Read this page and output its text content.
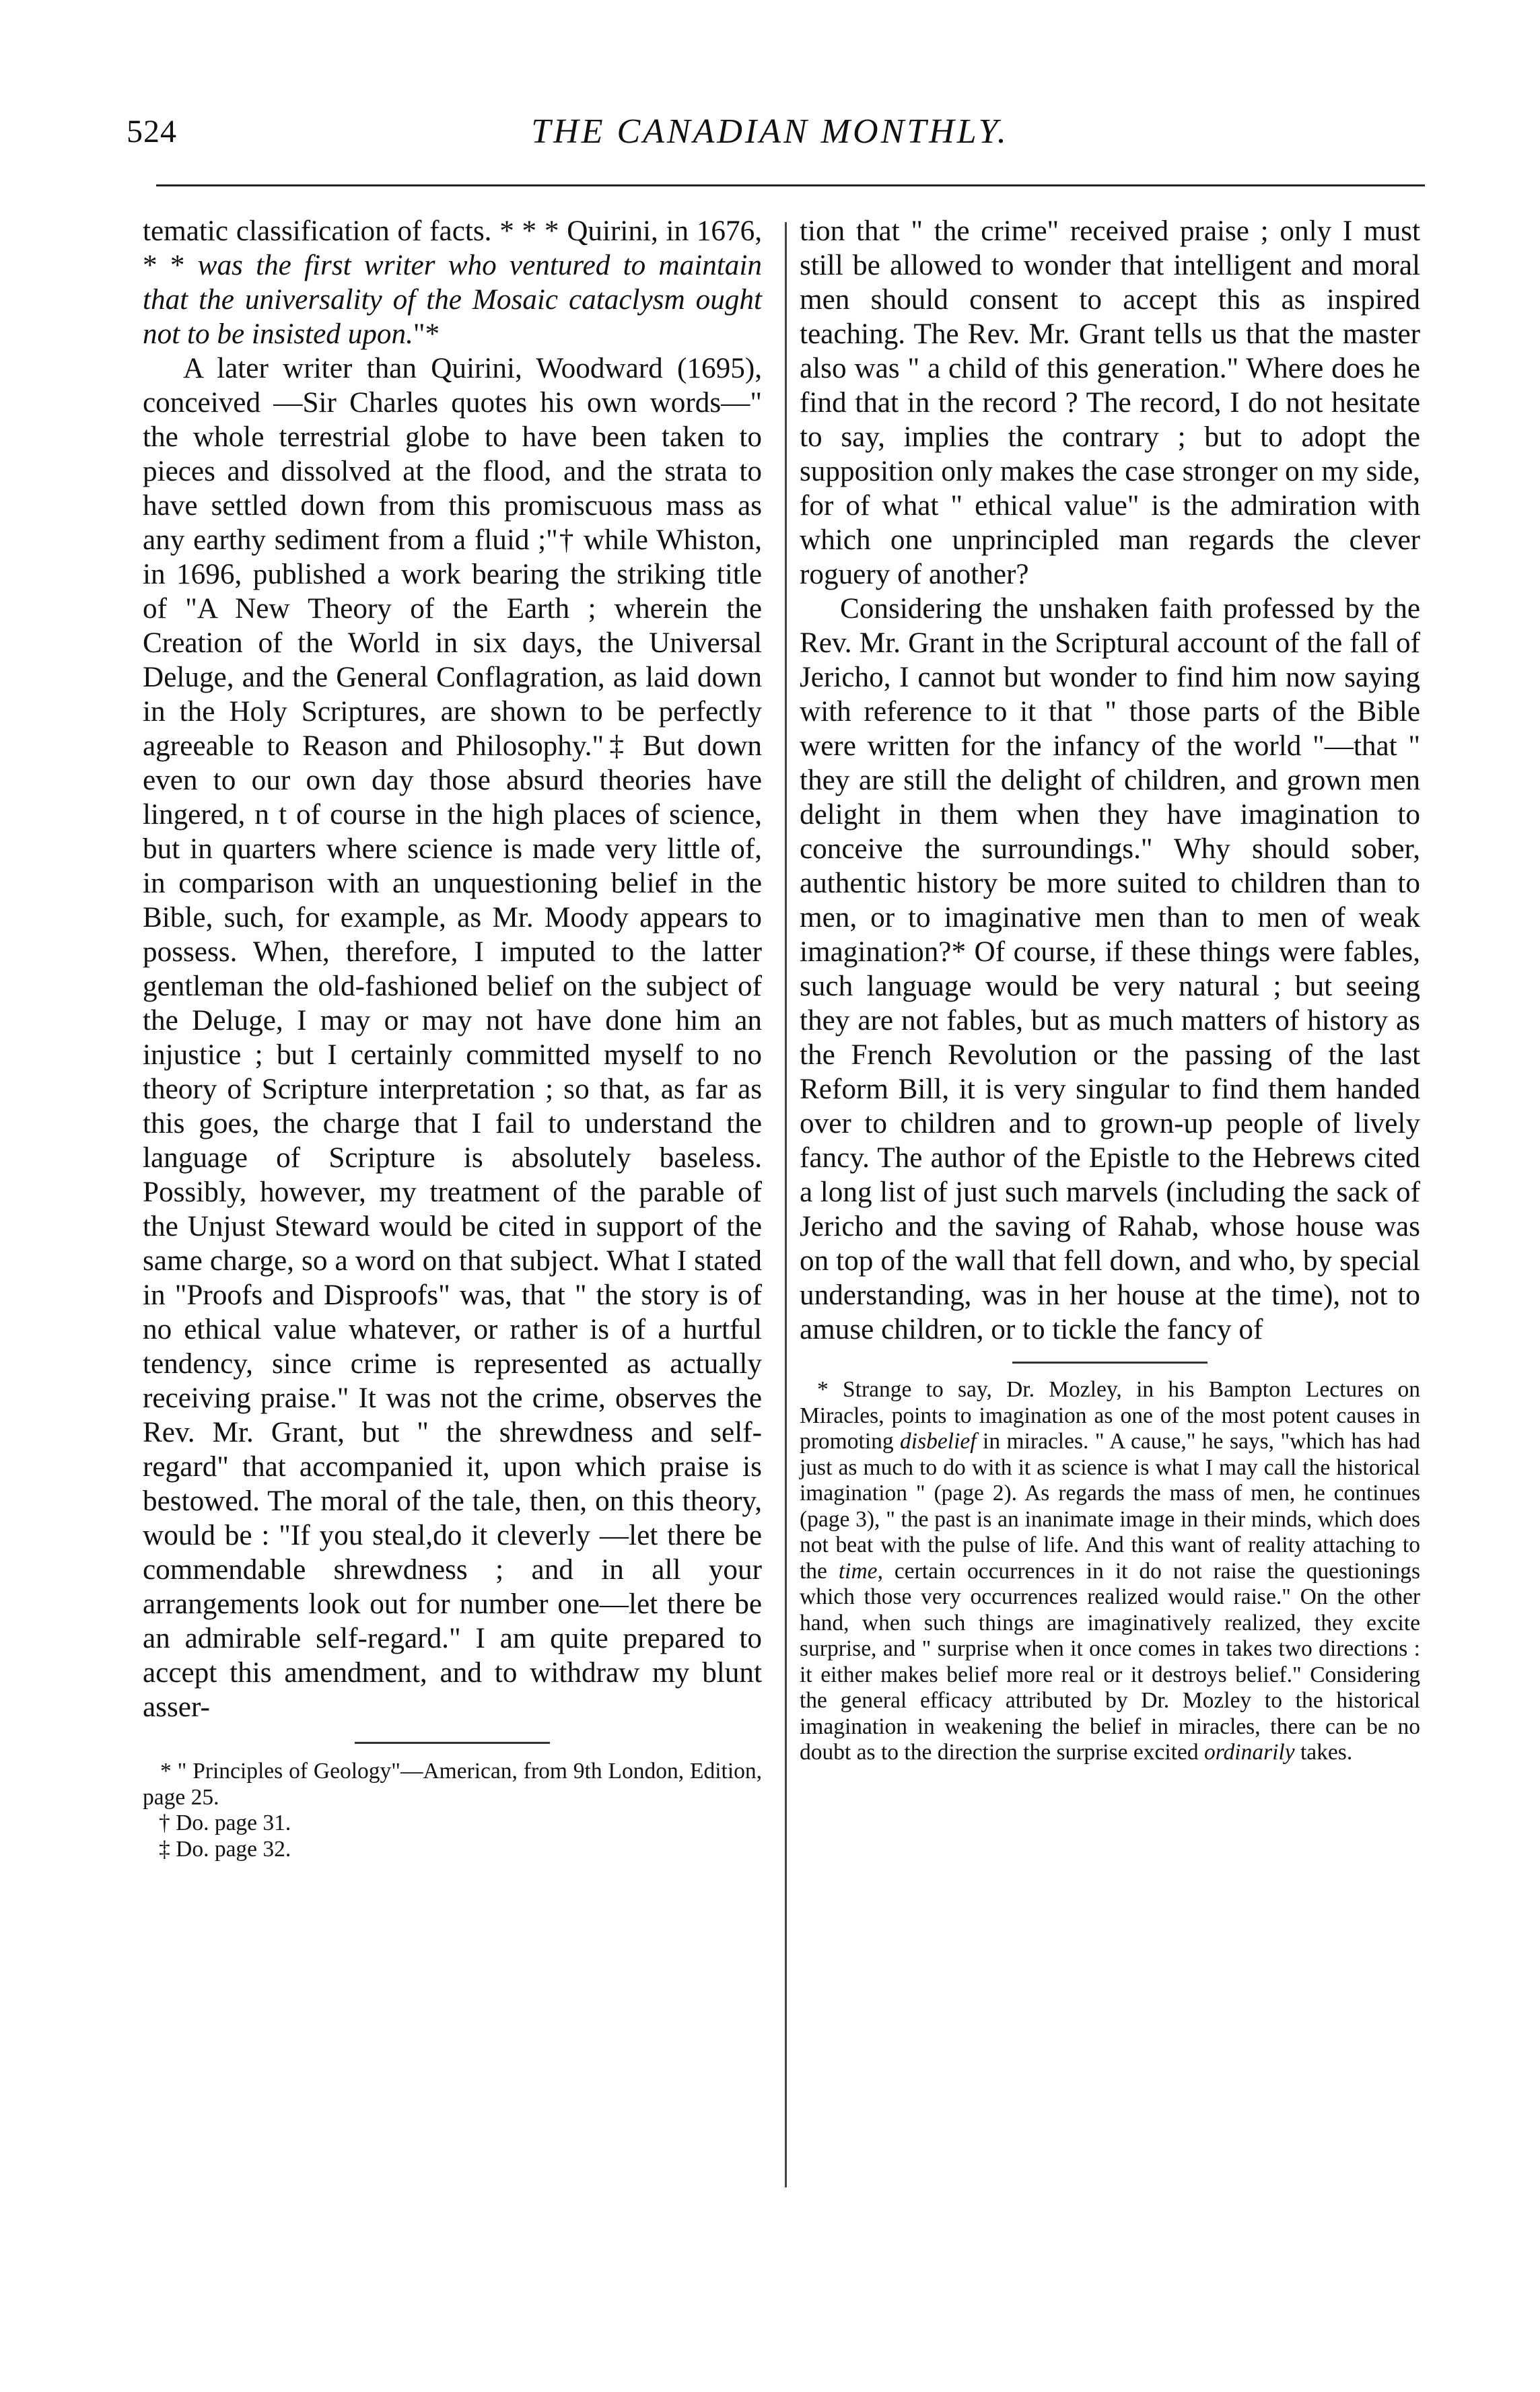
524	THE CANADIAN MONTHLY.

tematic classification of facts. * * * Quirini, in 1676, * * was the first writer who ventured to maintain that the universality of the Mosaic cataclysm ought not to be insisted upon."*

A later writer than Quirini, Woodward (1695), conceived —Sir Charles quotes his own words—" the whole terrestrial globe to have been taken to pieces and dissolved at the flood, and the strata to have settled down from this promiscuous mass as any earthy sediment from a fluid ;"† while Whiston, in 1696, published a work bearing the striking title of "A New Theory of the Earth ; wherein the Creation of the World in six days, the Universal Deluge, and the General Conflagration, as laid down in the Holy Scriptures, are shown to be perfectly agreeable to Reason and Philosophy."‡ But down even to our own day those absurd theories have lingered, n t of course in the high places of science, but in quarters where science is made very little of, in comparison with an unquestioning belief in the Bible, such, for example, as Mr. Moody appears to possess. When, therefore, I imputed to the latter gentleman the old-fashioned belief on the subject of the Deluge, I may or may not have done him an injustice ; but I certainly committed myself to no theory of Scripture interpretation ; so that, as far as this goes, the charge that I fail to understand the language of Scripture is absolutely baseless. Possibly, however, my treatment of the parable of the Unjust Steward would be cited in support of the same charge, so a word on that subject. What I stated in "Proofs and Disproofs" was, that " the story is of no ethical value whatever, or rather is of a hurtful tendency, since crime is represented as actually receiving praise." It was not the crime, observes the Rev. Mr. Grant, but " the shrewdness and self-regard" that accompanied it, upon which praise is bestowed. The moral of the tale, then, on this theory, would be : "If you steal,do it cleverly —let there be commendable shrewdness ; and in all your arrangements look out for number one—let there be an admirable self-regard." I am quite prepared to accept this amendment, and to withdraw my blunt asser-

* " Principles of Geology"—American, from 9th London, Edition, page 25.

† Do. page 31.

‡ Do. page 32.

tion that " the crime" received praise ; only I must still be allowed to wonder that intelligent and moral men should consent to accept this as inspired teaching. The Rev. Mr. Grant tells us that the master also was " a child of this generation." Where does he find that in the record ? The record, I do not hesitate to say, implies the contrary ; but to adopt the supposition only makes the case stronger on my side, for of what " ethical value" is the admiration with which one unprincipled man regards the clever roguery of another?

Considering the unshaken faith professed by the Rev. Mr. Grant in the Scriptural account of the fall of Jericho, I cannot but wonder to find him now saying with reference to it that " those parts of the Bible were written for the infancy of the world "—that " they are still the delight of children, and grown men delight in them when they have imagination to conceive the surroundings." Why should sober, authentic history be more suited to children than to men, or to imaginative men than to men of weak imagination?* Of course, if these things were fables, such language would be very natural ; but seeing they are not fables, but as much matters of history as the French Revolution or the passing of the last Reform Bill, it is very singular to find them handed over to children and to grown-up people of lively fancy. The author of the Epistle to the Hebrews cited a long list of just such marvels (including the sack of Jericho and the saving of Rahab, whose house was on top of the wall that fell down, and who, by special understanding, was in her house at the time), not to amuse children, or to tickle the fancy of

* Strange to say, Dr. Mozley, in his Bampton Lectures on Miracles, points to imagination as one of the most potent causes in promoting disbelief in miracles. " A cause," he says, "which has had just as much to do with it as science is what I may call the historical imagination " (page 2). As regards the mass of men, he continues (page 3), " the past is an inanimate image in their minds, which does not beat with the pulse of life. And this want of reality attaching to the time, certain occurrences in it do not raise the questionings which those very occurrences realized would raise." On the other hand, when such things are imaginatively realized, they excite surprise, and " surprise when it once comes in takes two directions : it either makes belief more real or it destroys belief." Considering the general efficacy attributed by Dr. Mozley to the historical imagination in weakening the belief in miracles, there can be no doubt as to the direction the surprise excited ordinarily takes.
